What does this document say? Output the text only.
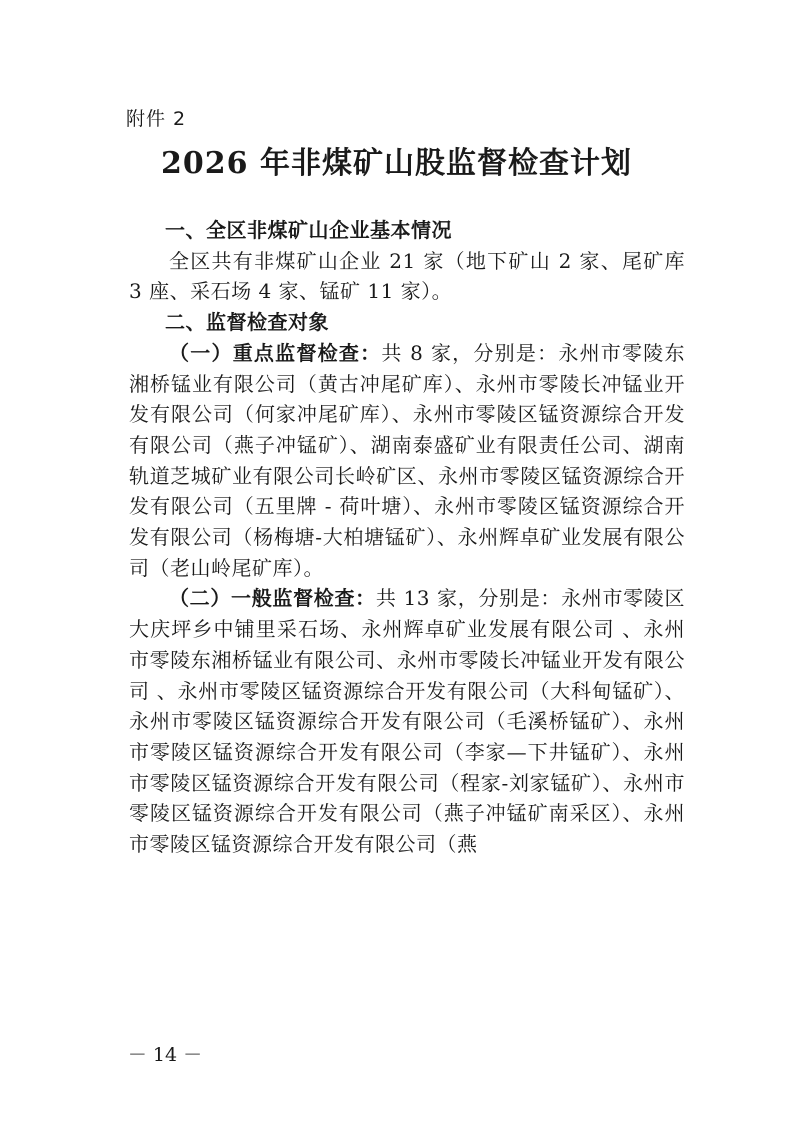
附件 2
2026 年非煤矿山股监督检查计划

一、全区非煤矿山企业基本情况

全区共有非煤矿山企业 21 家（地下矿山 2 家、尾矿库 3 座、采石场 4 家、锰矿 11 家）。

二、监督检查对象

（一）重点监督检查：共 8 家，分别是：永州市零陵东湘桥锰业有限公司（黄古冲尾矿库）、永州市零陵长冲锰业开发有限公司（何家冲尾矿库）、永州市零陵区锰资源综合开发有限公司（燕子冲锰矿）、湖南泰盛矿业有限责任公司、湖南轨道芝城矿业有限公司长岭矿区、永州市零陵区锰资源综合开发有限公司（五里牌 - 荷叶塘）、永州市零陵区锰资源综合开发有限公司（杨梅塘-大柏塘锰矿）、永州辉卓矿业发展有限公司（老山岭尾矿库）。

（二）一般监督检查：共 13 家，分别是：永州市零陵区大庆坪乡中铺里采石场、永州辉卓矿业发展有限公司 、永州市零陵东湘桥锰业有限公司、永州市零陵长冲锰业开发有限公司 、永州市零陵区锰资源综合开发有限公司（大科甸锰矿）、永州市零陵区锰资源综合开发有限公司（毛溪桥锰矿）、永州市零陵区锰资源综合开发有限公司（李家—下井锰矿）、永州市零陵区锰资源综合开发有限公司（程家-刘家锰矿）、永州市零陵区锰资源综合开发有限公司（燕子冲锰矿南采区）、永州市零陵区锰资源综合开发有限公司（燕

－ 14 －
